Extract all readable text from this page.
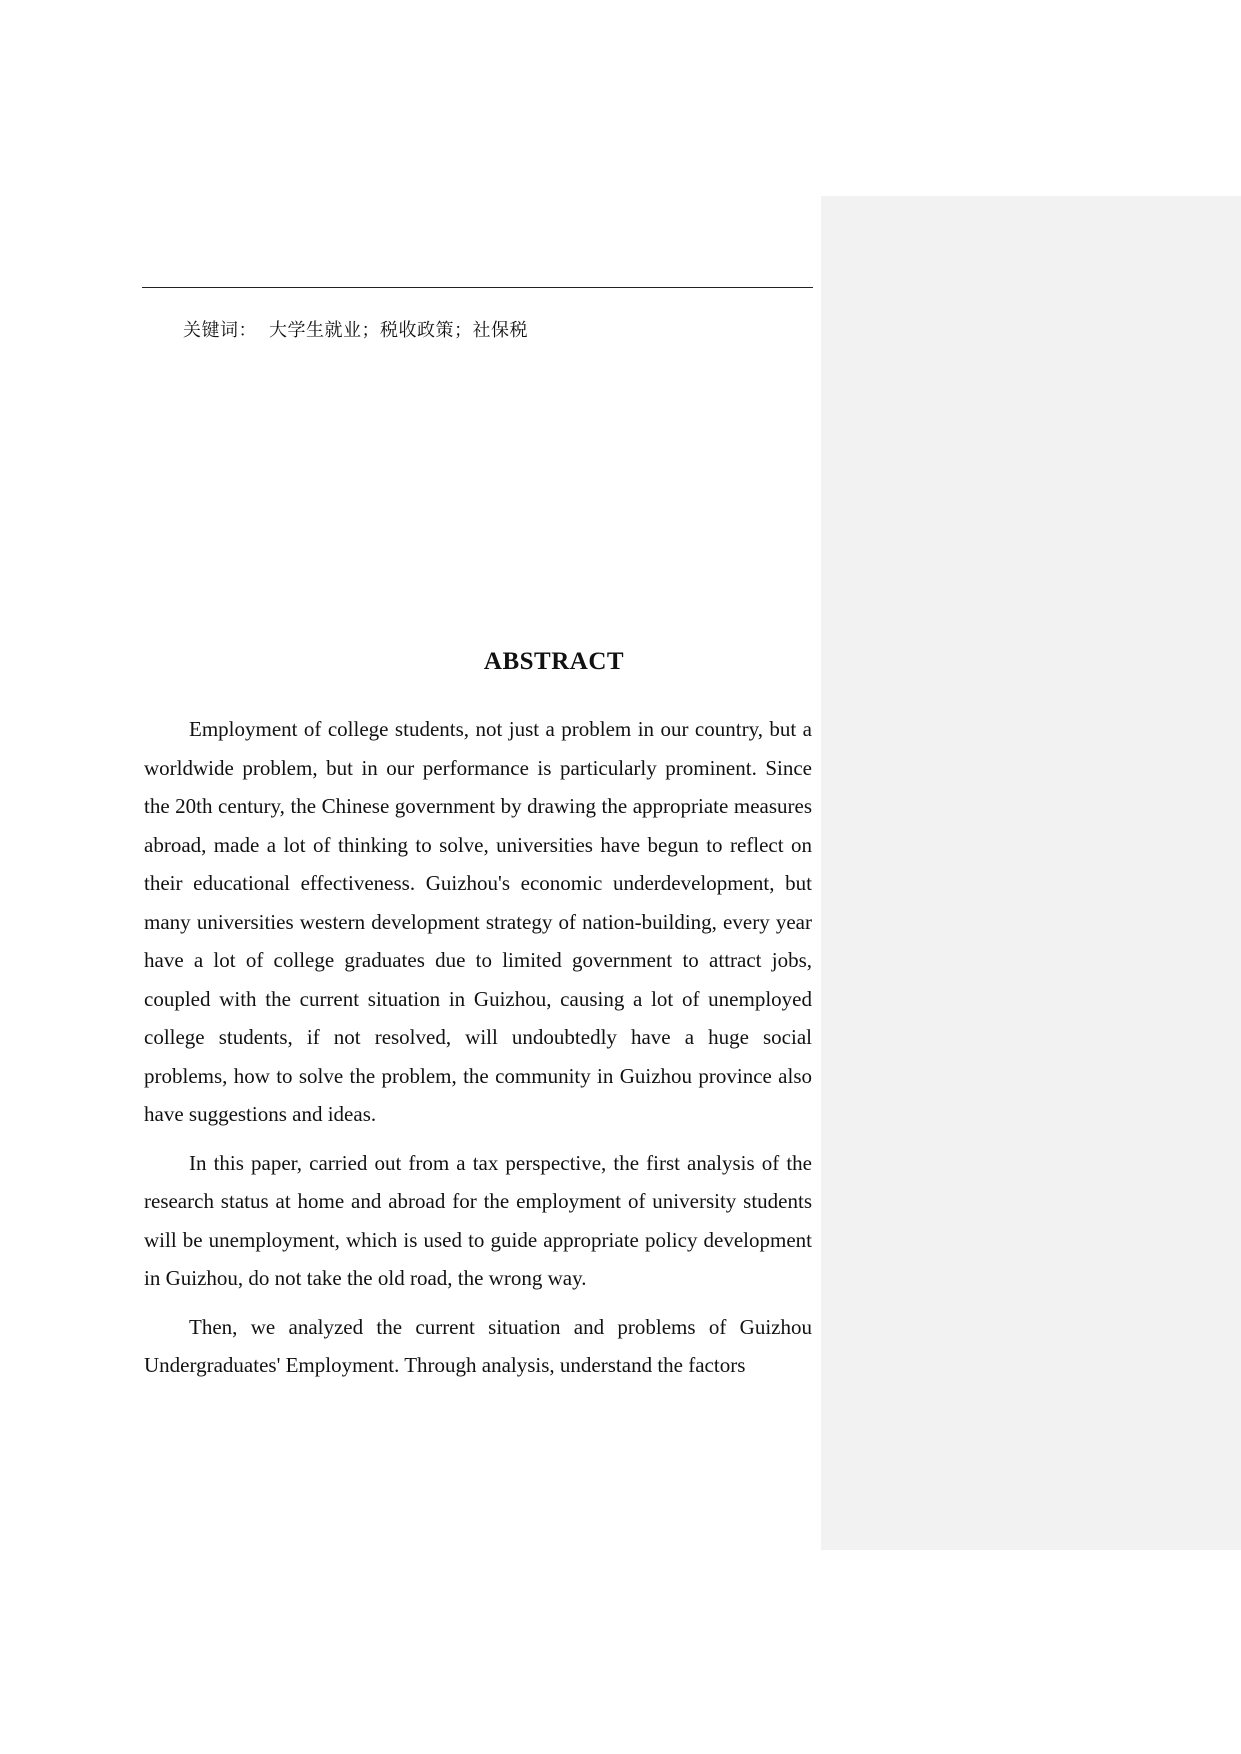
关键词： 大学生就业；税收政策；社保税
ABSTRACT

Employment of college students, not just a problem in our country, but a worldwide problem, but in our performance is particularly prominent. Since the 20th century, the Chinese government by drawing the appropriate measures abroad, made a lot of thinking to solve, universities have begun to reflect on their educational effectiveness. Guizhou's economic underdevelopment, but many universities western development strategy of nation-building, every year have a lot of college graduates due to limited government to attract jobs, coupled with the current situation in Guizhou, causing a lot of unemployed college students, if not resolved, will undoubtedly have a huge social problems, how to solve the problem, the community in Guizhou province also have suggestions and ideas.

In this paper, carried out from a tax perspective, the first analysis of the research status at home and abroad for the employment of university students will be unemployment, which is used to guide appropriate policy development in Guizhou, do not take the old road, the wrong way.

Then, we analyzed the current situation and problems of Guizhou Undergraduates' Employment. Through analysis, understand the factors
